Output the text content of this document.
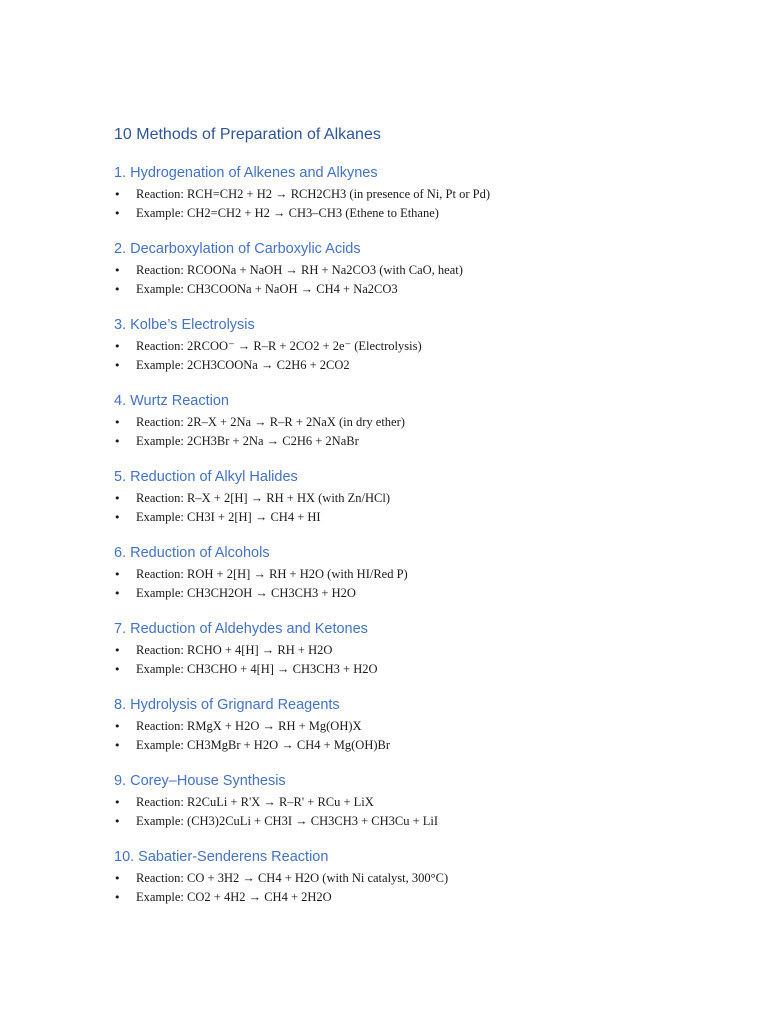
10 Methods of Preparation of Alkanes
1. Hydrogenation of Alkenes and Alkynes
• Reaction: RCH=CH2 + H2 → RCH2CH3 (in presence of Ni, Pt or Pd)
• Example: CH2=CH2 + H2 → CH3–CH3 (Ethene to Ethane)
2. Decarboxylation of Carboxylic Acids
• Reaction: RCOONa + NaOH → RH + Na2CO3 (with CaO, heat)
• Example: CH3COONa + NaOH → CH4 + Na2CO3
3. Kolbe’s Electrolysis
• Reaction: 2RCOO⁻ → R–R + 2CO2 + 2e⁻ (Electrolysis)
• Example: 2CH3COONa → C2H6 + 2CO2
4. Wurtz Reaction
• Reaction: 2R–X + 2Na → R–R + 2NaX (in dry ether)
• Example: 2CH3Br + 2Na → C2H6 + 2NaBr
5. Reduction of Alkyl Halides
• Reaction: R–X + 2[H] → RH + HX (with Zn/HCl)
• Example: CH3I + 2[H] → CH4 + HI
6. Reduction of Alcohols
• Reaction: ROH + 2[H] → RH + H2O (with HI/Red P)
• Example: CH3CH2OH → CH3CH3 + H2O
7. Reduction of Aldehydes and Ketones
• Reaction: RCHO + 4[H] → RH + H2O
• Example: CH3CHO + 4[H] → CH3CH3 + H2O
8. Hydrolysis of Grignard Reagents
• Reaction: RMgX + H2O → RH + Mg(OH)X
• Example: CH3MgBr + H2O → CH4 + Mg(OH)Br
9. Corey–House Synthesis
• Reaction: R2CuLi + R'X → R–R' + RCu + LiX
• Example: (CH3)2CuLi + CH3I → CH3CH3 + CH3Cu + LiI
10. Sabatier-Senderens Reaction
• Reaction: CO + 3H2 → CH4 + H2O (with Ni catalyst, 300°C)
• Example: CO2 + 4H2 → CH4 + 2H2O
